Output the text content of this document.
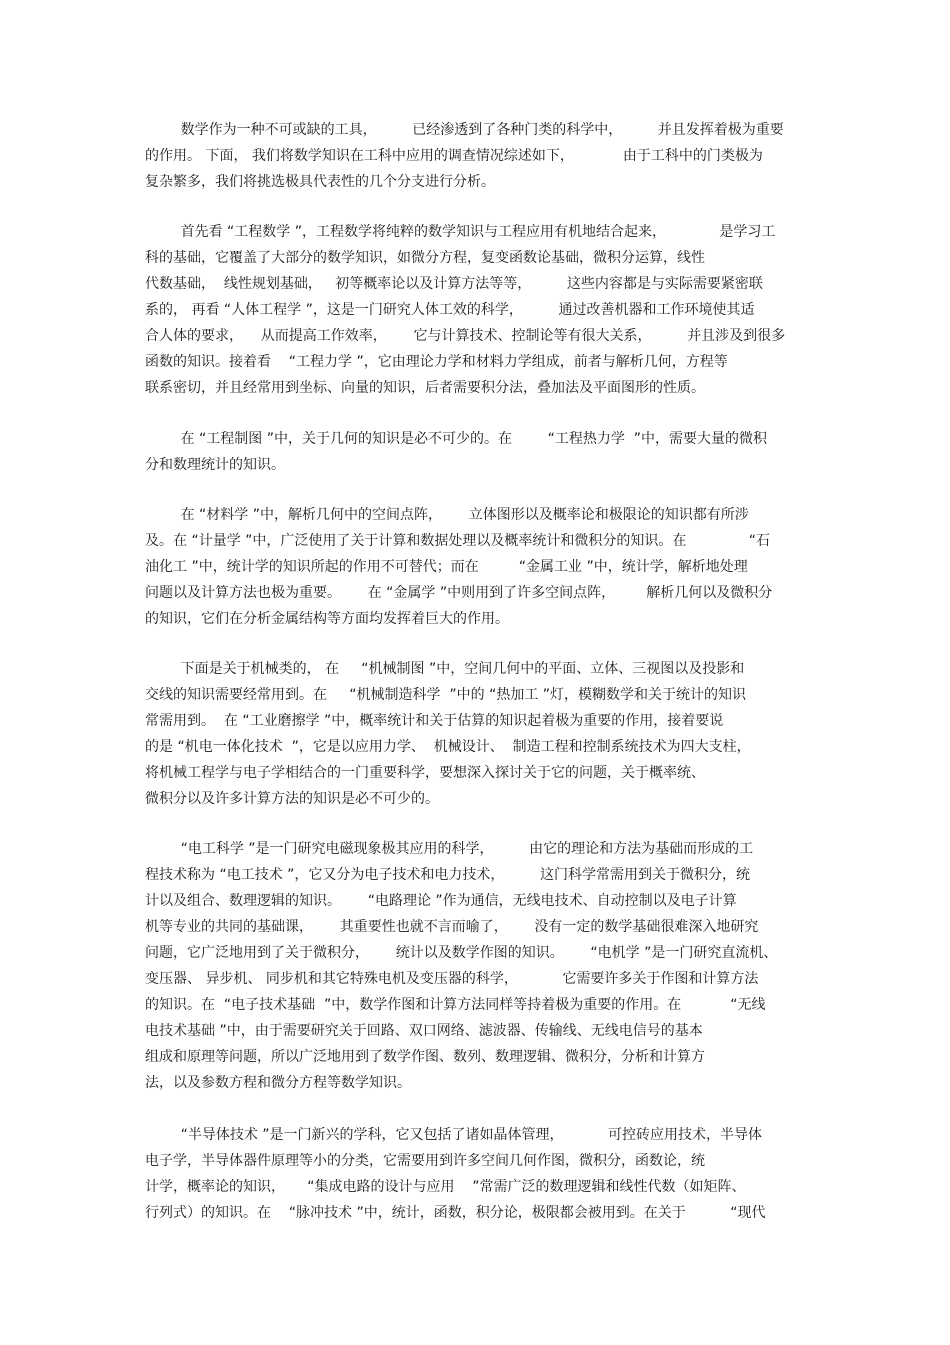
数学作为一种不可或缺的工具，        已经渗透到了各种门类的科学中，        并且发挥着极为重要
的作用。 下面， 我们将数学知识在工科中应用的调查情况综述如下，           由于工科中的门类极为
复杂繁多，我们将挑选极具代表性的几个分支进行分析。
首先看 “工程数学 ”，工程数学将纯粹的数学知识与工程应用有机地结合起来，            是学习工
科的基础，它覆盖了大部分的数学知识，如微分方程，复变函数论基础，微积分运算，线性
代数基础，  线性规划基础，   初等概率论以及计算方法等等，        这些内容都是与实际需要紧密联
系的， 再看 “人体工程学 ”，这是一门研究人体工效的科学，        通过改善机器和工作环境使其适
合人体的要求，    从而提高工作效率，      它与计算技术、控制论等有很大关系，        并且涉及到很多
函数的知识。接着看    “工程力学 ”，它由理论力学和材料力学组成，前者与解析几何，方程等
联系密切，并且经常用到坐标、向量的知识，后者需要积分法，叠加法及平面图形的性质。
在 “工程制图 ”中，关于几何的知识是必不可少的。在        “工程热力学  ”中，需要大量的微积
分和数理统计的知识。
在 “材料学 ”中，解析几何中的空间点阵，      立体图形以及概率论和极限论的知识都有所涉
及。在 “计量学 ”中，广泛使用了关于计算和数据处理以及概率统计和微积分的知识。在              “石
油化工 ”中，统计学的知识所起的作用不可替代；而在         “金属工业 ”中，统计学，解析地处理
问题以及计算方法也极为重要。      在 “金属学 ”中则用到了许多空间点阵，       解析几何以及微积分
的知识，它们在分析金属结构等方面均发挥着巨大的作用。
下面是关于机械类的， 在     “机械制图 ”中，空间几何中的平面、立体、三视图以及投影和
交线的知识需要经常用到。在     “机械制造科学  ”中的 “热加工 ”灯，模糊数学和关于统计的知识
常需用到。  在 “工业磨擦学 ”中，概率统计和关于估算的知识起着极为重要的作用，接着要说
的是 “机电一体化技术  ”，它是以应用力学、  机械设计、  制造工程和控制系统技术为四大支柱，
将机械工程学与电子学相结合的一门重要科学，要想深入探讨关于它的问题，关于概率统、
微积分以及许多计算方法的知识是必不可少的。
“电工科学 ”是一门研究电磁现象极其应用的科学，        由它的理论和方法为基础而形成的工
程技术称为 “电工技术 ”，它又分为电子技术和电力技术，        这门科学常需用到关于微积分，统
计以及组合、数理逻辑的知识。      “电路理论 ”作为通信，无线电技术、自动控制以及电子计算
机等专业的共同的基础课，      其重要性也就不言而喻了，      没有一定的数学基础很难深入地研究
问题，它广泛地用到了关于微积分，      统计以及数学作图的知识。      “电机学 ”是一门研究直流机、
变压器、 异步机、 同步机和其它特殊电机及变压器的科学，          它需要许多关于作图和计算方法
的知识。在  “电子技术基础  ”中，数学作图和计算方法同样等持着极为重要的作用。在           “无线
电技术基础 ”中，由于需要研究关于回路、双口网络、滤波器、传输线、无线电信号的基本
组成和原理等问题，所以广泛地用到了数学作图、数列、数理逻辑、微积分，分析和计算方
法，以及参数方程和微分方程等数学知识。
“半导体技术 ”是一门新兴的学科，它又包括了诸如晶体管理，          可控砖应用技术，半导体
电子学，半导体器件原理等小的分类，它需要用到许多空间几何作图，微积分，函数论，统
计学，概率论的知识，     “集成电路的设计与应用    ”常需广泛的数理逻辑和线性代数（如矩阵、
行列式）的知识。在    “脉冲技术 ”中，统计，函数，积分论，极限都会被用到。在关于          “现代
